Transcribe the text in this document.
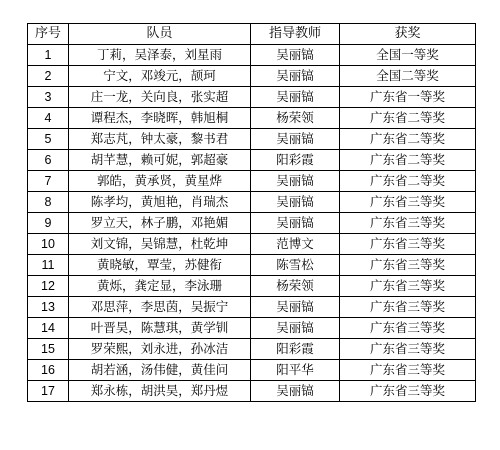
序号	队员	指导教师	获奖
1	丁莉，吴泽泰，刘星雨	吴丽镐	全国一等奖
2	宁文，邓竣元，颉珂	吴丽镐	全国二等奖
3	庄一龙，关向良，张实超	吴丽镐	广东省一等奖
4	谭程杰，李晓晖，韩旭桐	杨荣领	广东省二等奖
5	郑志芃，钟太豪，黎书君	吴丽镐	广东省二等奖
6	胡芊慧，赖可妮，郭超豪	阳彩霞	广东省二等奖
7	郭皓，黄承贤，黄星烨	吴丽镐	广东省二等奖
8	陈孝均，黄旭艳，肖瑞杰	吴丽镐	广东省三等奖
9	罗立天，林子鹏，邓艳媚	吴丽镐	广东省三等奖
10	刘文锦，吴锦慧，杜乾坤	范博文	广东省三等奖
11	黄晓敏，覃莹，苏健衔	陈雪松	广东省三等奖
12	黄烁，龚定显，李泳珊	杨荣领	广东省三等奖
13	邓思萍，李思茵，吴振宁	吴丽镐	广东省三等奖
14	叶晋昊，陈慧琪，黄学钏	吴丽镐	广东省三等奖
15	罗荣熙，刘永进，孙冰洁	阳彩霞	广东省三等奖
16	胡若涵，汤伟健，黄佳问	阳平华	广东省三等奖
17	郑永栋，胡洪昊，郑丹煜	吴丽镐	广东省三等奖
